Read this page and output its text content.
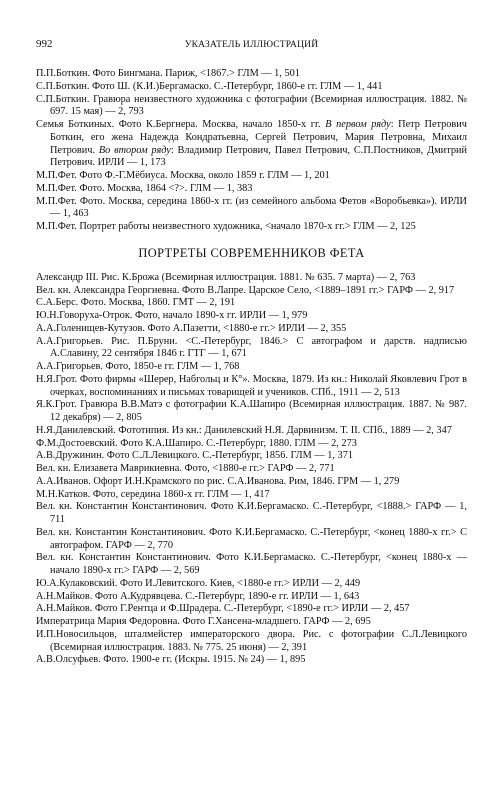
992	УКАЗАТЕЛЬ ИЛЛЮСТРАЦИЙ

П.П.Боткин. Фото Бингмана. Париж, <1867.> ГЛМ — 1, 501

С.П.Боткин. Фото Ш. (К.И.)Бергамаско. С.-Петербург, 1860-е гг. ГЛМ — 1, 441

С.П.Боткин. Гравюра неизвестного художника с фотографии (Всемирная иллюстрация. 1882. № 697. 15 мая) — 2, 793

Семья Боткиных. Фото К.Бергнера. Москва, начало 1850-х гг. В первом ряду: Петр Петрович Боткин, его жена Надежда Кондратьевна, Сергей Петрович, Мария Петровна, Михаил Петрович. Во втором ряду: Владимир Петрович, Павел Петрович, С.П.Постников, Дмитрий Петрович. ИРЛИ — 1, 173

М.П.Фет. Фото Ф.-Г.Мёбиуса. Москва, около 1859 г. ГЛМ — 1, 201

М.П.Фет. Фото. Москва, 1864 <?>. ГЛМ — 1, 383

М.П.Фет. Фото. Москва, середина 1860-х гг. (из семейного альбома Фетов «Воробьевка»). ИРЛИ — 1, 463

М.П.Фет. Портрет работы неизвестного художника, <начало 1870-х гг.> ГЛМ — 2, 125

ПОРТРЕТЫ СОВРЕМЕННИКОВ ФЕТА

Александр III. Рис. К.Брожа (Всемирная иллюстрация. 1881. № 635. 7 марта) — 2, 763

Вел. кн. Александра Георгиевна. Фото В.Лапре. Царское Село, <1889–1891 гг.> ГАРФ — 2, 917

С.А.Берс. Фото. Москва, 1860. ГМТ — 2, 191

Ю.Н.Говоруха-Отрок. Фото, начало 1890-х гг. ИРЛИ — 1, 979

А.А.Голенищев-Кутузов. Фото А.Пазетти, <1880-е гг.> ИРЛИ — 2, 355

А.А.Григорьев. Рис. П.Бруни. <С.-Петербург, 1846.> С автографом и дарств. надписью А.Славину, 22 сентября 1846 г. ГТГ — 1, 671

А.А.Григорьев. Фото, 1850-е гг. ГЛМ — 1, 768

Н.Я.Грот. Фото фирмы «Шерер, Набгольц и К°». Москва, 1879. Из кн.: Николай Яковлевич Грот в очерках, воспоминаниях и письмах товарищей и учеников. СПб., 1911 — 2, 513

Я.К.Грот. Гравюра В.В.Матэ с фотографии К.А.Шапиро (Всемирная иллюстрация. 1887. № 987. 12 декабря) — 2, 805

Н.Я.Данилевский. Фототипия. Из кн.: Данилевский Н.Я. Дарвинизм. Т. II. СПб., 1889 — 2, 347

Ф.М.Достоевский. Фото К.А.Шапиро. С.-Петербург, 1880. ГЛМ — 2, 273

А.В.Дружинин. Фото С.Л.Левицкого. С.-Петербург, 1856. ГЛМ — 1, 371

Вел. кн. Елизавета Маврикиевна. Фото, <1880-е гг.> ГАРФ — 2, 771

А.А.Иванов. Офорт И.Н.Крамского по рис. С.А.Иванова. Рим, 1846. ГРМ — 1, 279

М.Н.Катков. Фото, середина 1860-х гг. ГЛМ — 1, 417

Вел. кн. Константин Константинович. Фото К.И.Бергамаско. С.-Петербург, <1888.> ГАРФ — 1, 711

Вел. кн. Константин Константинович. Фото К.И.Бергамаско. С.-Петербург, <конец 1880-х гг.> С автографом. ГАРФ — 2, 770

Вел. кн. Константин Константинович. Фото К.И.Бергамаско. С.-Петербург, <конец 1880-х — начало 1890-х гг.> ГАРФ — 2, 569

Ю.А.Кулаковский. Фото И.Левитского. Киев, <1880-е гг.> ИРЛИ — 2, 449

А.Н.Майков. Фото А.Кудрявцева. С.-Петербург, 1890-е гг. ИРЛИ — 1, 643

А.Н.Майков. Фото Г.Рентца и Ф.Шрадера. С.-Петербург, <1890-е гг.> ИРЛИ — 2, 457

Императрица Мария Федоровна. Фото Г.Хансена-младшего. ГАРФ — 2, 695

И.П.Новосильцов, шталмейстер императорского двора. Рис. с фотографии С.Л.Левицкого (Всемирная иллюстрация. 1883. № 775. 25 июня) — 2, 391

А.В.Олсуфьев. Фото. 1900-е гг. (Искры. 1915. № 24) — 1, 895
